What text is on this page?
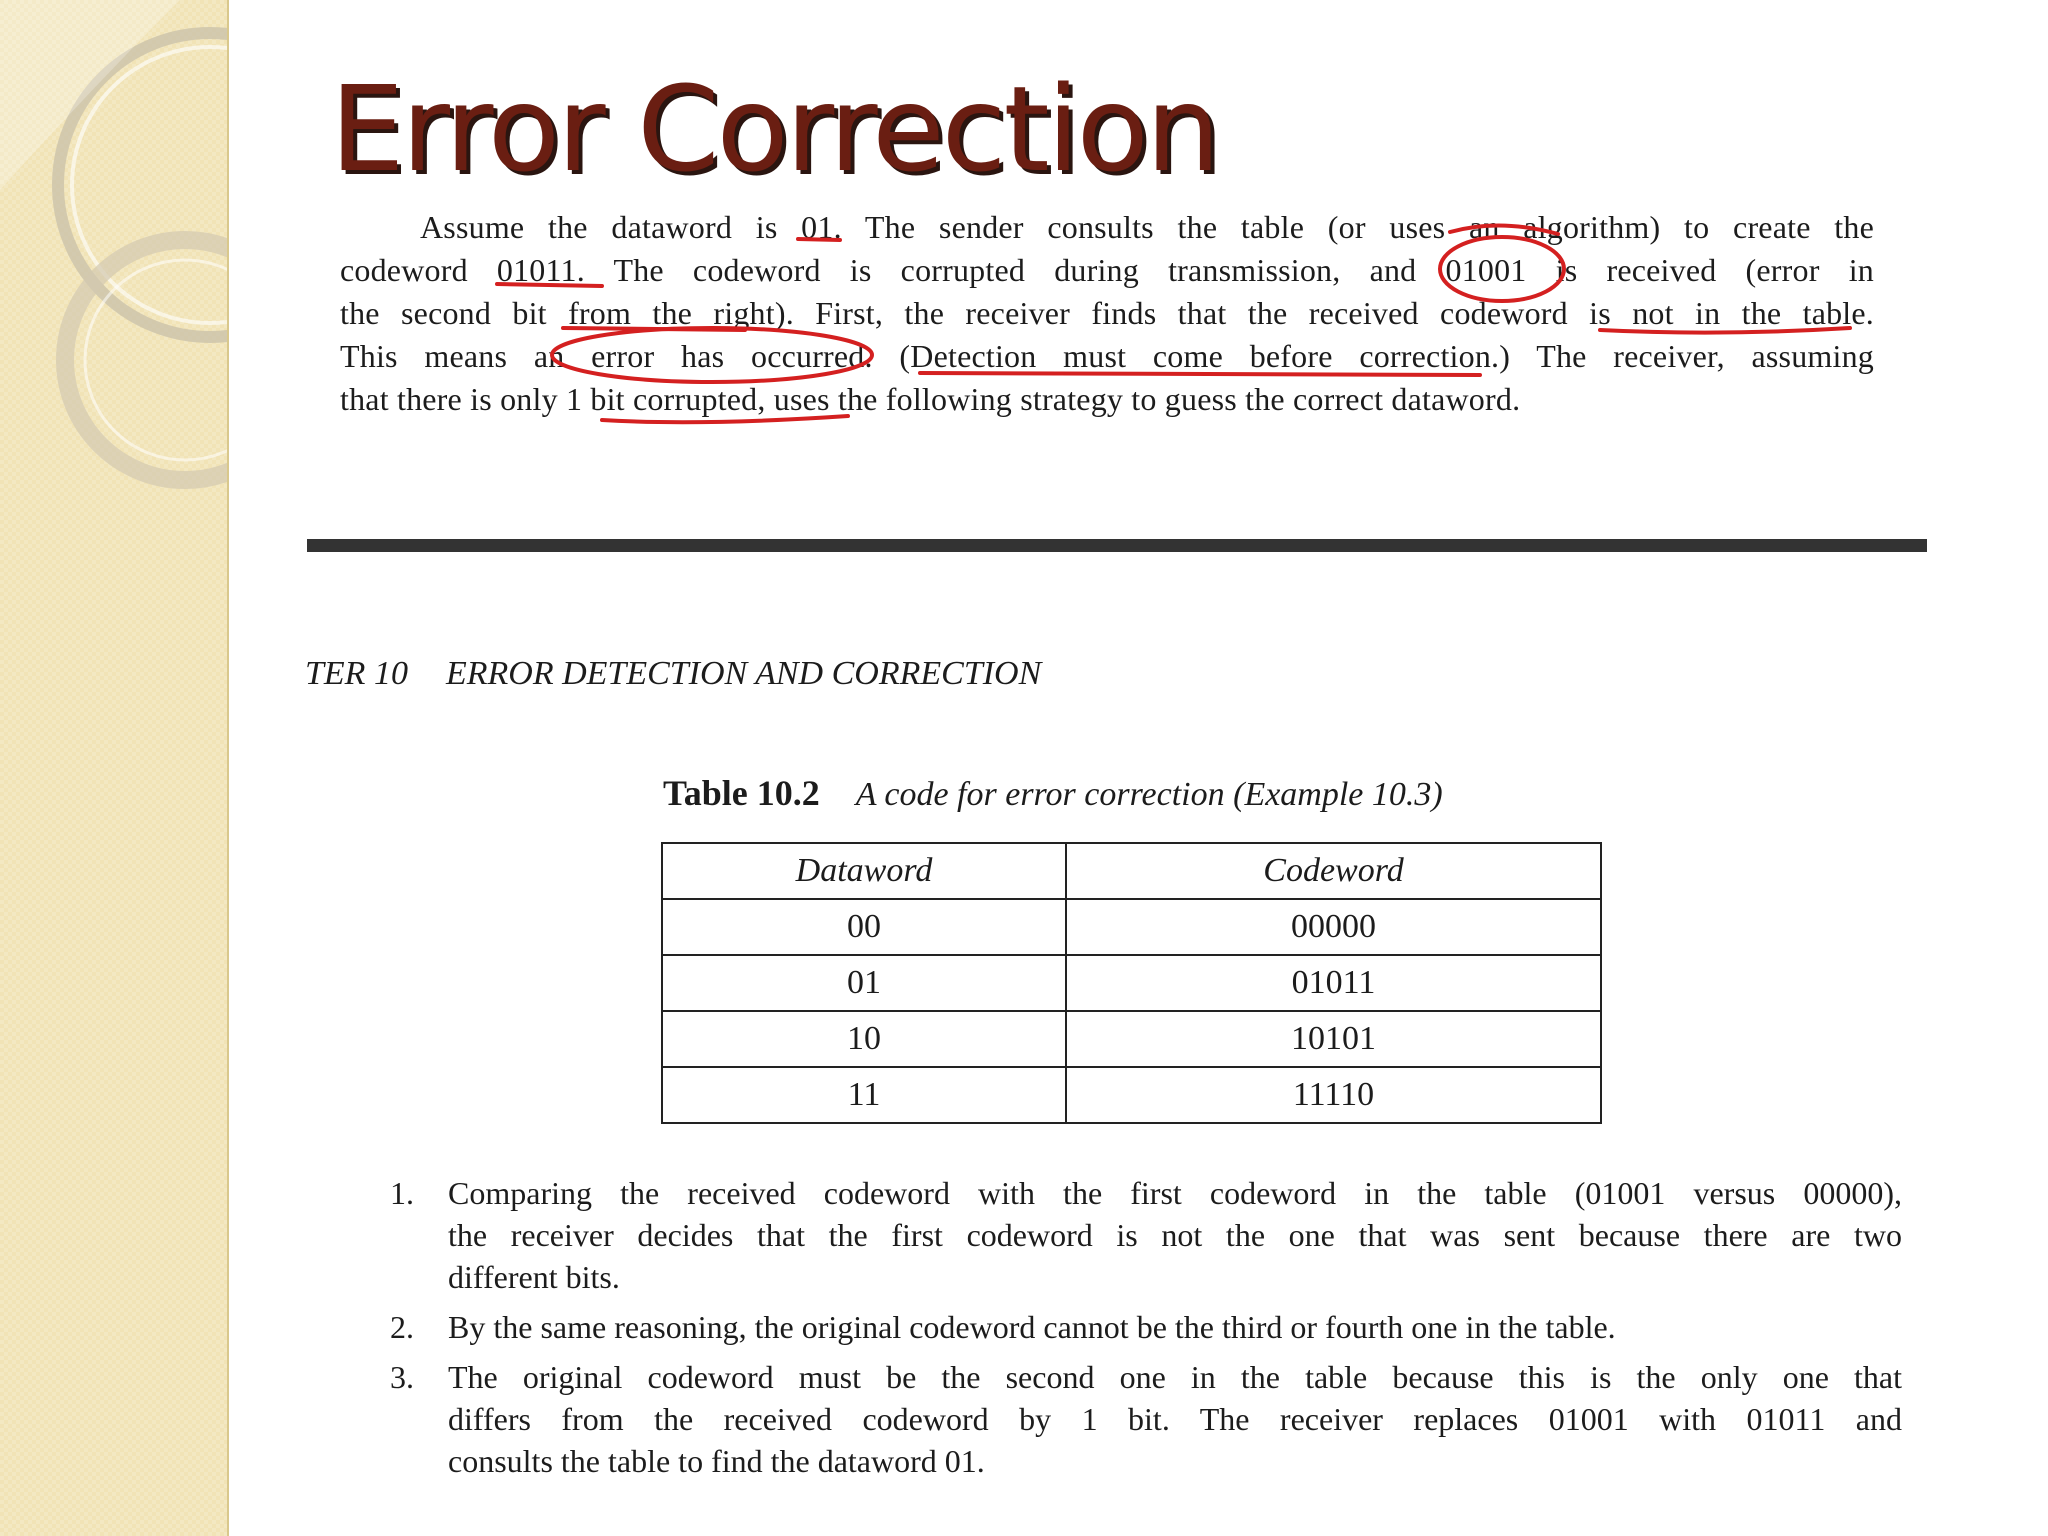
Error Correction
Assume the dataword is 01. The sender consults the table (or uses an algorithm) to create the
codeword 01011. The codeword is corrupted during transmission, and 01001 is received (error in
the second bit from the right). First, the receiver finds that the received codeword is not in the table.
This means an error has occurred. (Detection must come before correction.) The receiver, assuming
that there is only 1 bit corrupted, uses the following strategy to guess the correct dataword.
TER 10 ERROR DETECTION AND CORRECTION
Table 10.2 A code for error correction (Example 10.3)
Dataword	Codeword
00	00000
01	01011
10	10101
11	11110
1. Comparing the received codeword with the first codeword in the table (01001 versus 00000),
the receiver decides that the first codeword is not the one that was sent because there are two
different bits.
2. By the same reasoning, the original codeword cannot be the third or fourth one in the table.
3. The original codeword must be the second one in the table because this is the only one that
differs from the received codeword by 1 bit. The receiver replaces 01001 with 01011 and
consults the table to find the dataword 01.
